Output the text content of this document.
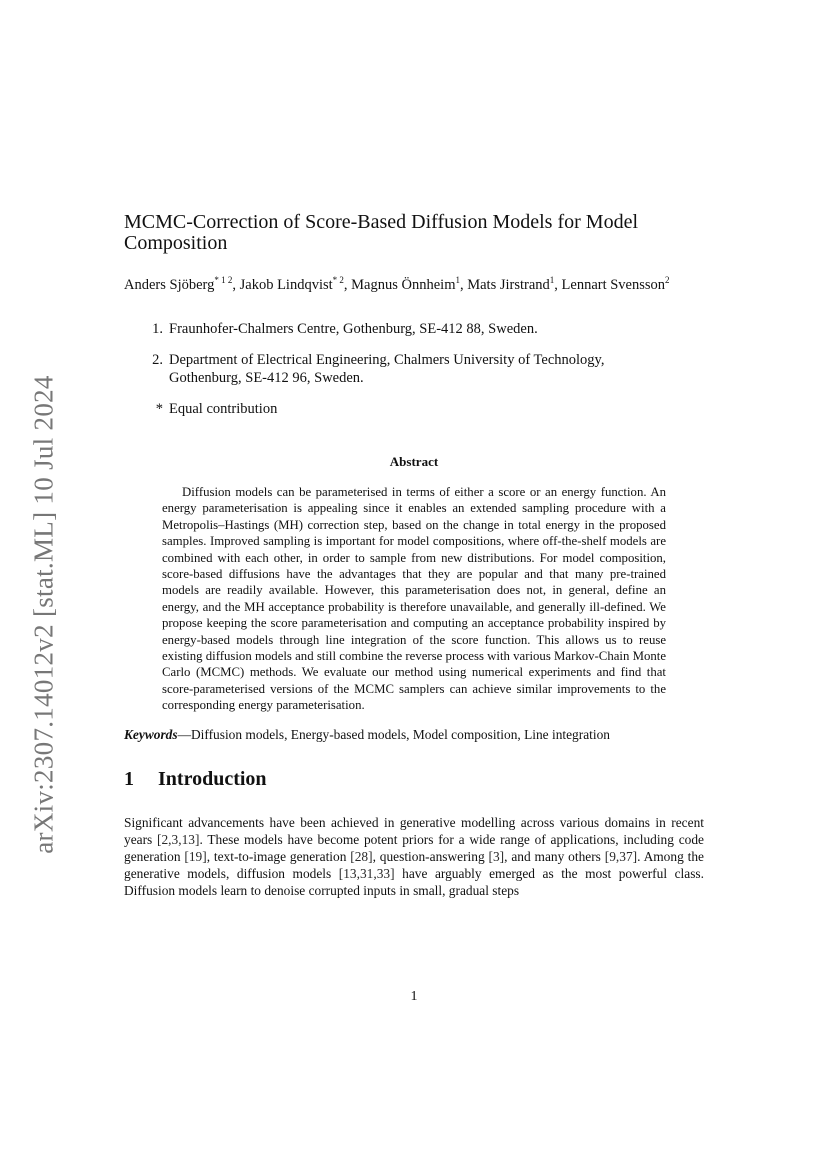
arXiv:2307.14012v2 [stat.ML] 10 Jul 2024
MCMC-Correction of Score-Based Diffusion Models for Model Composition
Anders Sjöberg$^{* 1 2}$, Jakob Lindqvist$^{* 2}$, Magnus Önnheim$^1$, Mats Jirstrand$^1$, Lennart Svensson$^2$
1. Fraunhofer-Chalmers Centre, Gothenburg, SE-412 88, Sweden.
2. Department of Electrical Engineering, Chalmers University of Technology, Gothenburg, SE-412 96, Sweden.
* Equal contribution
Abstract

Diffusion models can be parameterised in terms of either a score or an energy function. An energy parameterisation is appealing since it enables an extended sampling procedure with a Metropolis–Hastings (MH) correction step, based on the change in total energy in the proposed samples. Improved sampling is important for model compositions, where off-the-shelf models are combined with each other, in order to sample from new distributions. For model composition, score-based diffusions have the advantages that they are popular and that many pre-trained models are readily available. However, this parameterisation does not, in general, define an energy, and the MH acceptance probability is therefore unavailable, and generally ill-defined. We propose keeping the score parameterisation and computing an acceptance probability inspired by energy-based models through line integration of the score function. This allows us to reuse existing diffusion models and still combine the reverse process with various Markov-Chain Monte Carlo (MCMC) methods. We evaluate our method using numerical experiments and find that score-parameterised versions of the MCMC samplers can achieve similar improvements to the corresponding energy parameterisation.

Keywords—Diffusion models, Energy-based models, Model composition, Line integration
1 Introduction

Significant advancements have been achieved in generative modelling across various domains in recent years [2,3,13]. These models have become potent priors for a wide range of applications, including code generation [19], text-to-image generation [28], question-answering [3], and many others [9,37]. Among the generative models, diffusion models [13,31,33] have arguably emerged as the most powerful class. Diffusion models learn to denoise corrupted inputs in small, gradual steps

1
